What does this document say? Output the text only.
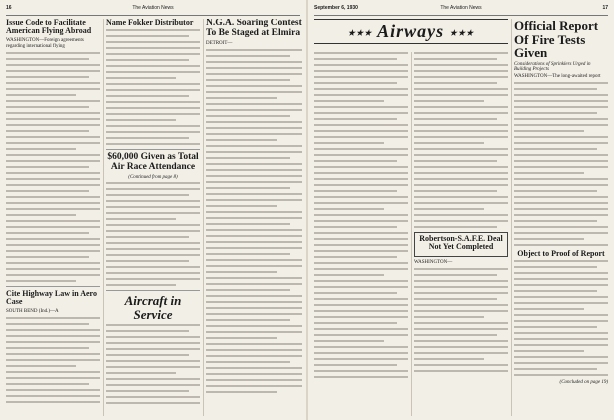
16	The Aviation News
Issue Code to Facilitate American Flying Abroad
WASHINGTON—Foreign agreements regarding international flying
Cite Highway Law in Aero Case
SOUTH BEND (Ind.)—A
Name Fokker Distributor
$60,000 Given as Total Air Race Attendance
(Continued from page 8)
Aircraft in Service
N.G.A. Soaring Contest To Be Staged at Elmira
DETROIT—
September 6, 1930	The Aviation News	17
★★★ Airways ★★★
Robertson-S.A.F.E. Deal Not Yet Completed
WASHINGTON—
Official Report Of Fire Tests Given
Considerations of Sprinklers Urged in Building Projects
WASHINGTON—The long-awaited report
Object to Proof of Report
(Concluded on page 19)
